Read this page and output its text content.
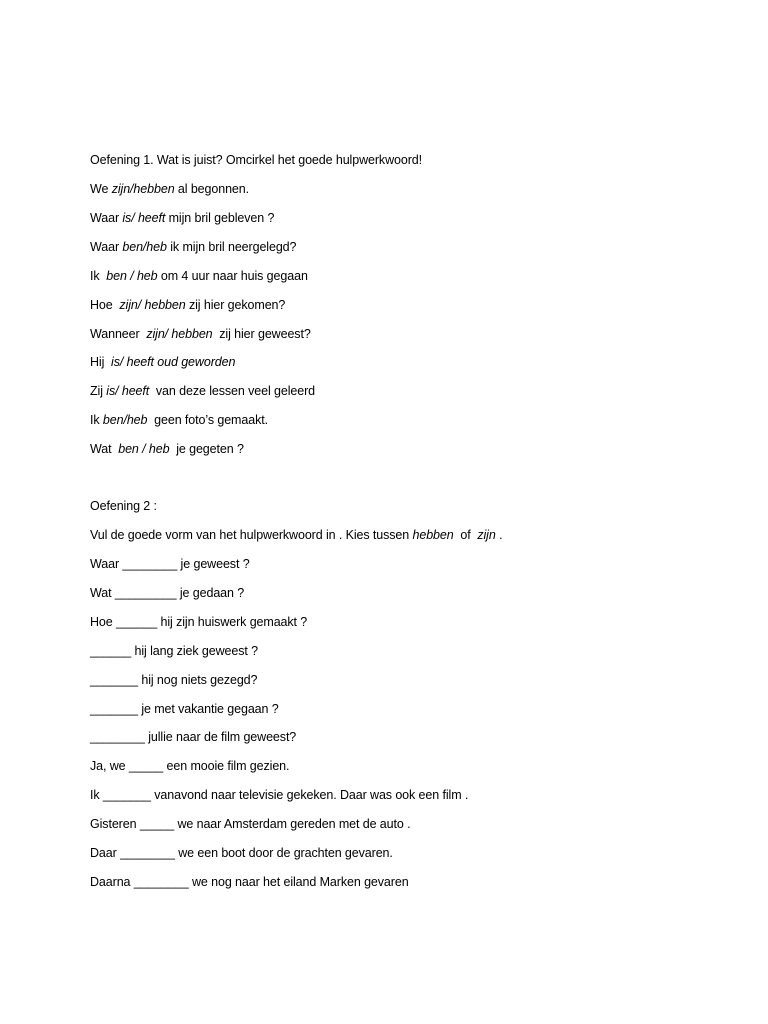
Oefening 1. Wat is juist? Omcirkel het goede hulpwerkwoord!
We zijn/hebben al begonnen.
Waar is/ heeft mijn bril gebleven ?
Waar ben/heb ik mijn bril neergelegd?
Ik  ben / heb om 4 uur naar huis gegaan
Hoe  zijn/ hebben zij hier gekomen?
Wanneer  zijn/ hebben  zij hier geweest?
Hij  is/ heeft oud geworden
Zij is/ heeft  van deze lessen veel geleerd
Ik ben/heb  geen foto’s gemaakt.
Wat  ben / heb  je gegeten ?
Oefening 2 :
Vul de goede vorm van het hulpwerkwoord in . Kies tussen hebben  of  zijn .
Waar ________ je geweest ?
Wat _________ je gedaan ?
Hoe ______ hij zijn huiswerk gemaakt ?
______ hij lang ziek geweest ?
_______ hij nog niets gezegd?
_______ je met vakantie gegaan ?
________ jullie naar de film geweest?
Ja, we _____ een mooie film gezien.
Ik _______ vanavond naar televisie gekeken. Daar was ook een film .
Gisteren _____ we naar Amsterdam gereden met de auto .
Daar ________ we een boot door de grachten gevaren.
Daarna ________ we nog naar het eiland Marken gevaren
